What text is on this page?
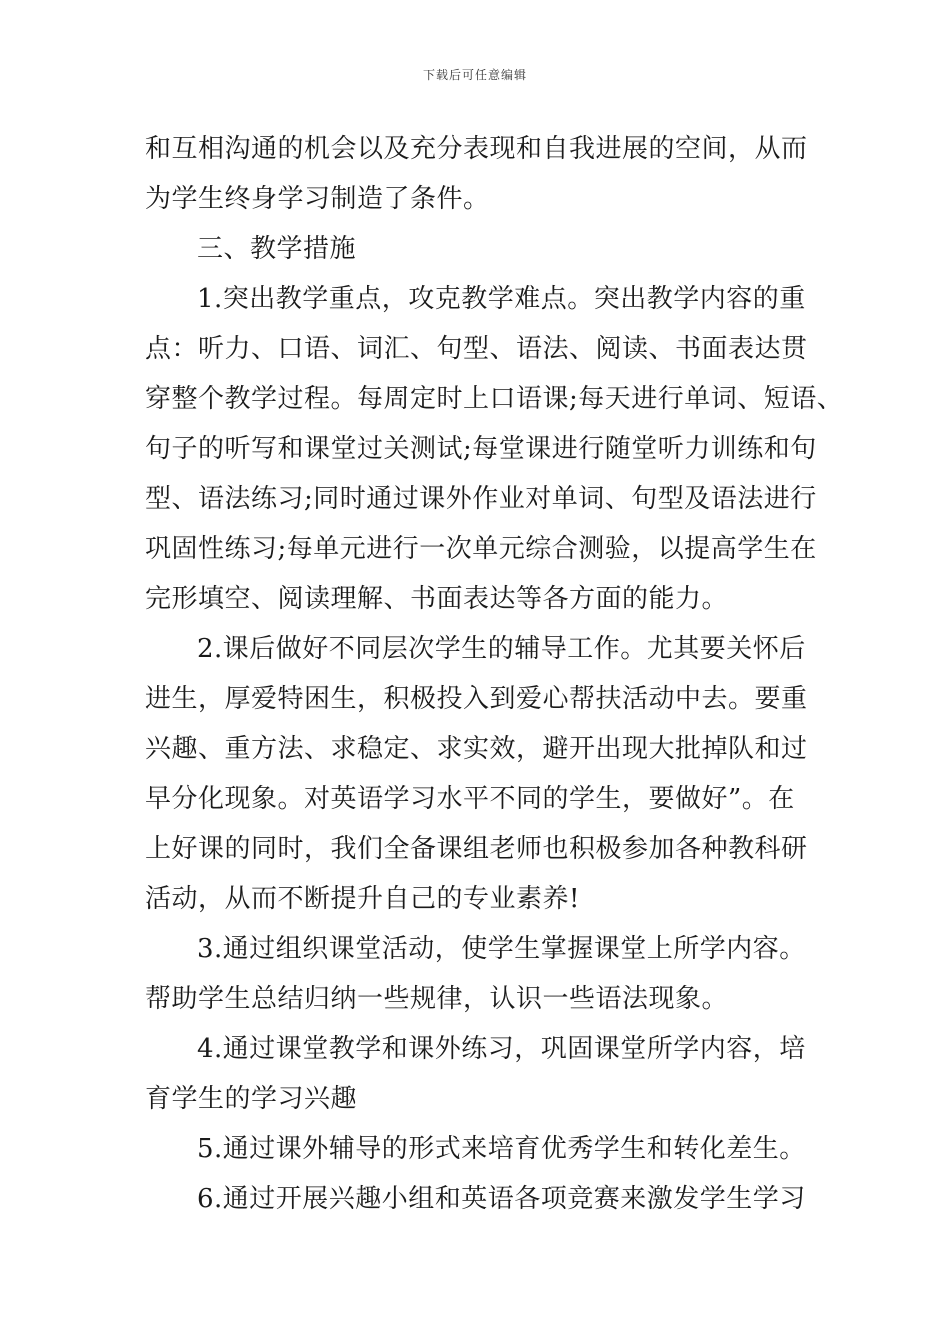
下载后可任意编辑
和互相沟通的机会以及充分表现和自我进展的空间，从而
为学生终身学习制造了条件。
三、教学措施
1.突出教学重点，攻克教学难点。突出教学内容的重
点：听力、口语、词汇、句型、语法、阅读、书面表达贯
穿整个教学过程。每周定时上口语课;每天进行单词、短语、
句子的听写和课堂过关测试;每堂课进行随堂听力训练和句
型、语法练习;同时通过课外作业对单词、句型及语法进行
巩固性练习;每单元进行一次单元综合测验，以提高学生在
完形填空、阅读理解、书面表达等各方面的能力。
2.课后做好不同层次学生的辅导工作。尤其要关怀后
进生，厚爱特困生，积极投入到爱心帮扶活动中去。要重
兴趣、重方法、求稳定、求实效，避开出现大批掉队和过
早分化现象。对英语学习水平不同的学生，要做好”。在
上好课的同时，我们全备课组老师也积极参加各种教科研
活动，从而不断提升自己的专业素养!
3.通过组织课堂活动，使学生掌握课堂上所学内容。
帮助学生总结归纳一些规律，认识一些语法现象。
4.通过课堂教学和课外练习，巩固课堂所学内容，培
育学生的学习兴趣
5.通过课外辅导的形式来培育优秀学生和转化差生。
6.通过开展兴趣小组和英语各项竞赛来激发学生学习
